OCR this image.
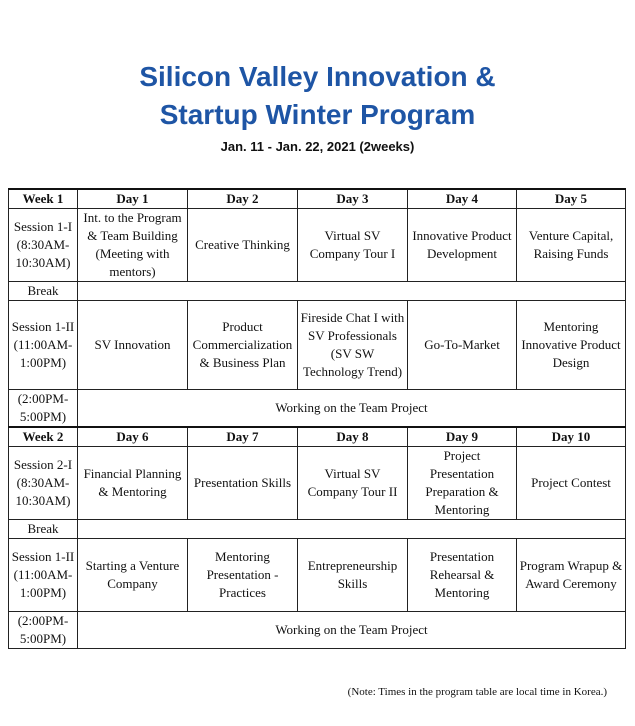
Silicon Valley Innovation &
Startup Winter Program
Jan. 11 - Jan. 22, 2021 (2weeks)
Week 1	Day 1	Day 2	Day 3	Day 4	Day 5
Session 1-I (8:30AM-10:30AM)	Int. to the Program & Team Building (Meeting with mentors)	Creative Thinking	Virtual SV Company Tour I	Innovative Product Development	Venture Capital, Raising Funds
Break					
Session 1-II (11:00AM-1:00PM)	SV Innovation	Product Commercialization & Business Plan	Fireside Chat I with SV Professionals (SV SW Technology Trend)	Go-To-Market	Mentoring Innovative Product Design
(2:00PM-5:00PM)	Working on the Team Project				
Week 2	Day 6	Day 7	Day 8	Day 9	Day 10
Session 2-I (8:30AM-10:30AM)	Financial Planning & Mentoring	Presentation Skills	Virtual SV Company Tour II	Project Presentation Preparation & Mentoring	Project Contest
Break					
Session 1-II (11:00AM-1:00PM)	Starting a Venture Company	Mentoring Presentation - Practices	Entrepreneurship Skills	Presentation Rehearsal & Mentoring	Program Wrapup & Award Ceremony
(2:00PM-5:00PM)	Working on the Team Project				
(Note: Times in the program table are local time in Korea.)
